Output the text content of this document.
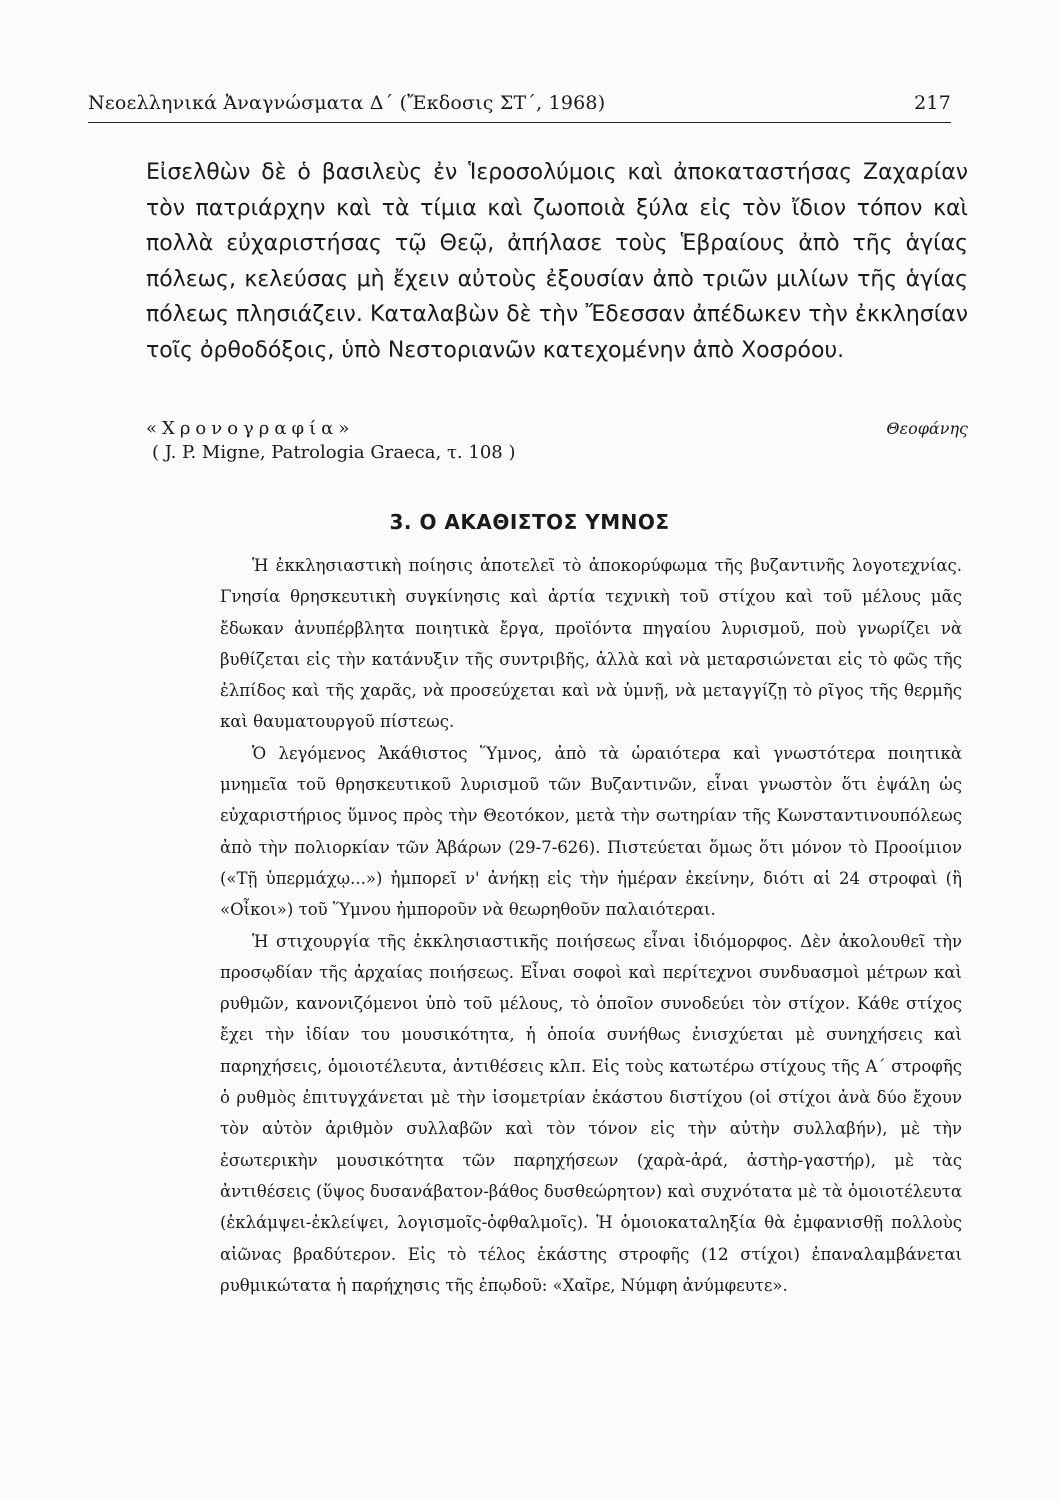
Νεοελληνικά Ἀναγνώσματα Δ΄ (Ἔκδοσις ΣΤ΄, 1968)	217

Εἰσελθὼν δὲ ὁ βασιλεὺς ἐν Ἱεροσολύμοις καὶ ἀποκαταστήσας Ζαχαρίαν τὸν πατριάρχην καὶ τὰ τίμια καὶ ζωοποιὰ ξύλα εἰς τὸν ἴδιον τόπον καὶ πολλὰ εὐχαριστήσας τῷ Θεῷ, ἀπήλασε τοὺς Ἑβραίους ἀπὸ τῆς ἁγίας πόλεως, κελεύσας μὴ ἔχειν αὐτοὺς ἐξουσίαν ἀπὸ τριῶν μιλίων τῆς ἁγίας πόλεως πλησιάζειν. Καταλαβὼν δὲ τὴν Ἔδεσσαν ἀπέδωκεν τὴν ἐκκλησίαν τοῖς ὀρθοδόξοις, ὑπὸ Νεστοριανῶν κατεχομένην ἀπὸ Χοσρόου.

«Χρονογραφία»	Θεοφάνης
( J. P. Migne, Patrologia Graeca, τ. 108 )
3. Ο ΑΚΑΘΙΣΤΟΣ ΥΜΝΟΣ

Ἡ ἐκκλησιαστικὴ ποίησις ἀποτελεῖ τὸ ἀποκορύφωμα τῆς βυζαντινῆς λογοτεχνίας. Γνησία θρησκευτικὴ συγκίνησις καὶ ἀρτία τεχνικὴ τοῦ στίχου καὶ τοῦ μέλους μᾶς ἔδωκαν ἀνυπέρβλητα ποιητικὰ ἔργα, προϊόντα πηγαίου λυρισμοῦ, ποὺ γνωρίζει νὰ βυθίζεται εἰς τὴν κατάνυξιν τῆς συντριβῆς, ἀλλὰ καὶ νὰ μεταρσιώνεται εἰς τὸ φῶς τῆς ἐλπίδος καὶ τῆς χαρᾶς, νὰ προσεύχεται καὶ νὰ ὑμνῇ, νὰ μεταγγίζῃ τὸ ρῖγος τῆς θερμῆς καὶ θαυματουργοῦ πίστεως.

Ὁ λεγόμενος Ἀκάθιστος Ὕμνος, ἀπὸ τὰ ὡραιότερα καὶ γνωστότερα ποιητικὰ μνημεῖα τοῦ θρησκευτικοῦ λυρισμοῦ τῶν Βυζαντινῶν, εἶναι γνωστὸν ὅτι ἐψάλη ὡς εὐχαριστήριος ὕμνος πρὸς τὴν Θεοτόκον, μετὰ τὴν σωτηρίαν τῆς Κωνσταντινουπόλεως ἀπὸ τὴν πολιορκίαν τῶν Ἀβάρων (29-7-626). Πιστεύεται ὅμως ὅτι μόνον τὸ Προοίμιον («Τῇ ὑπερμάχῳ...») ἠμπορεῖ ν' ἀνήκῃ εἰς τὴν ἡμέραν ἐκείνην, διότι αἱ 24 στροφαὶ (ἢ «Οἶκοι») τοῦ Ὕμνου ἠμποροῦν νὰ θεωρηθοῦν παλαιότεραι.

Ἡ στιχουργία τῆς ἐκκλησιαστικῆς ποιήσεως εἶναι ἰδιόμορφος. Δὲν ἀκολουθεῖ τὴν προσῳδίαν τῆς ἀρχαίας ποιήσεως. Εἶναι σοφοὶ καὶ περίτεχνοι συνδυασμοὶ μέτρων καὶ ρυθμῶν, κανονιζόμενοι ὑπὸ τοῦ μέλους, τὸ ὁποῖον συνοδεύει τὸν στίχον. Κάθε στίχος ἔχει τὴν ἰδίαν του μουσικότητα, ἡ ὁποία συνήθως ἐνισχύεται μὲ συνηχήσεις καὶ παρηχήσεις, ὁμοιοτέλευτα, ἀντιθέσεις κλπ. Εἰς τοὺς κατωτέρω στίχους τῆς Α΄ στροφῆς ὁ ρυθμὸς ἐπιτυγχάνεται μὲ τὴν ἰσομετρίαν ἑκάστου διστίχου (οἱ στίχοι ἀνὰ δύο ἔχουν τὸν αὐτὸν ἀριθμὸν συλλαβῶν καὶ τὸν τόνον εἰς τὴν αὐτὴν συλλαβήν), μὲ τὴν ἐσωτερικὴν μουσικότητα τῶν παρηχήσεων (χαρὰ-ἀρά, ἀστὴρ-γαστήρ), μὲ τὰς ἀντιθέσεις (ὕψος δυσανάβατον-βάθος δυσθεώρητον) καὶ συχνότατα μὲ τὰ ὁμοιοτέλευτα (ἐκλάμψει-ἐκλείψει, λογισμοῖς-ὀφθαλμοῖς). Ἡ ὁμοιοκαταληξία θὰ ἐμφανισθῇ πολλοὺς αἰῶνας βραδύτερον. Εἰς τὸ τέλος ἑκάστης στροφῆς (12 στίχοι) ἐπαναλαμβάνεται ρυθμικώτατα ἡ παρήχησις τῆς ἐπῳδοῦ: «Χαῖρε, Νύμφη ἀνύμφευτε».
